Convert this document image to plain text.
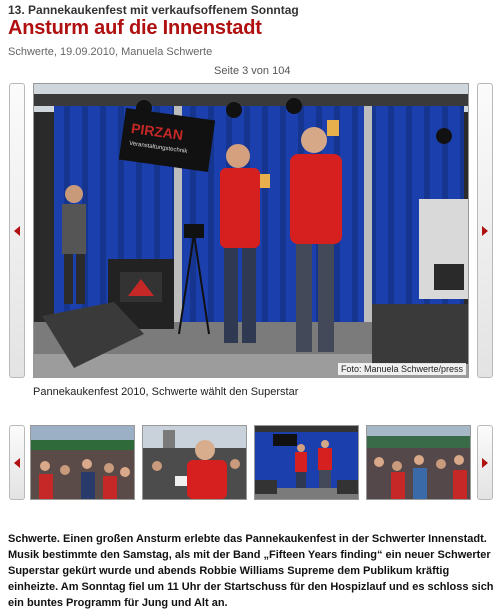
13. Pannekaukenfest mit verkaufsoffenem Sonntag
Ansturm auf die Innenstadt
Schwerte, 19.09.2010, Manuela Schwerte
Seite 3 von 104
PIRZAN
Veranstaltungstechnik
Foto: Manuela Schwerte/press
Pannekaukenfest 2010, Schwerte wählt den Superstar
Schwerte. Einen großen Ansturm erlebte das Pannekaukenfest in der Schwerter Innenstadt. Musik bestimmte den Samstag, als mit der Band „Fifteen Years finding“ ein neuer Schwerter Superstar gekürt wurde und abends Robbie Williams Supreme dem Publikum kräftig einheizte. Am Sonntag fiel um 11 Uhr der Startschuss für den Hospizlauf und es schloss sich ein buntes Programm für Jung und Alt an.
